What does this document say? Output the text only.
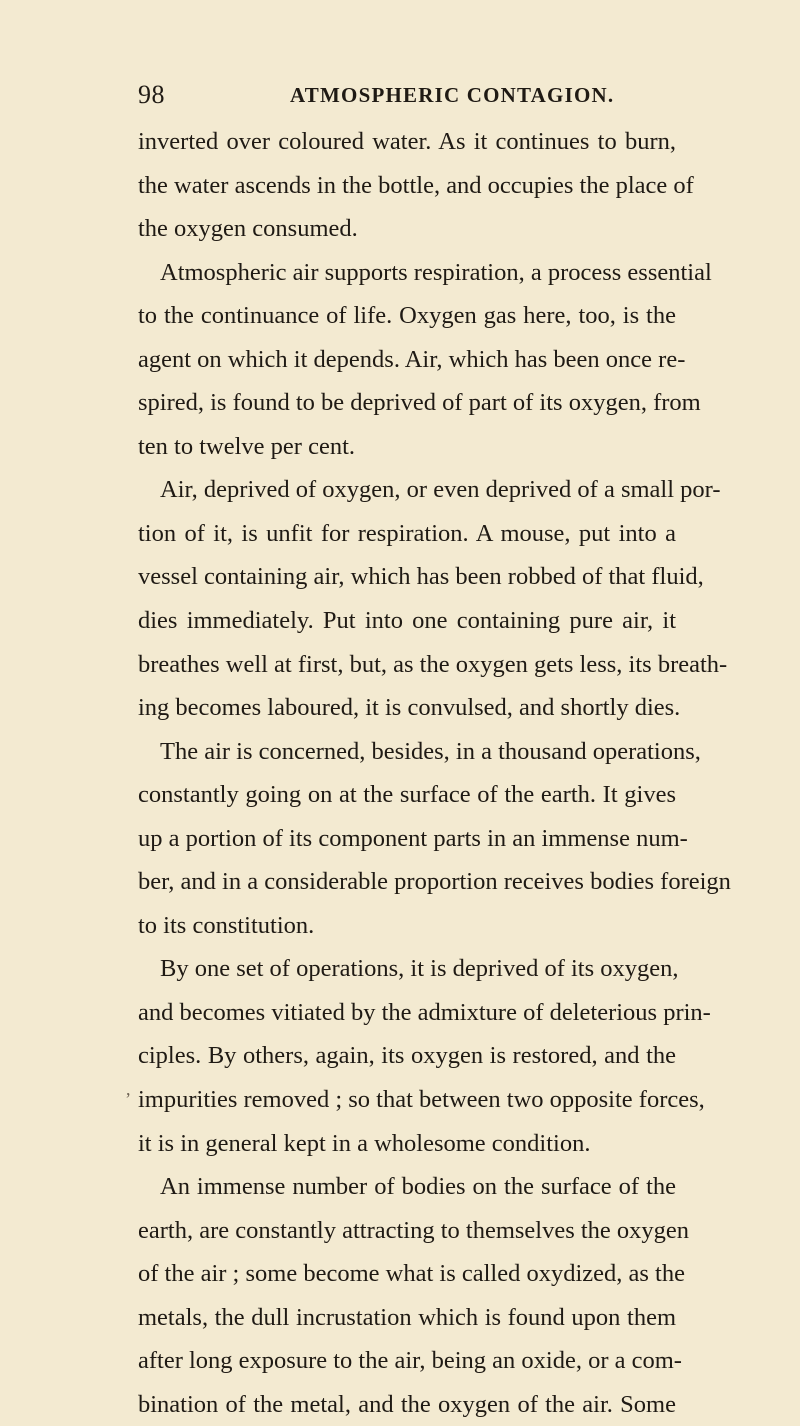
98	ATMOSPHERIC CONTAGION.
inverted over coloured water. As it continues to burn,
the water ascends in the bottle, and occupies the place of
the oxygen consumed.
Atmospheric air supports respiration, a process essential
to the continuance of life. Oxygen gas here, too, is the
agent on which it depends. Air, which has been once re-
spired, is found to be deprived of part of its oxygen, from
ten to twelve per cent.
Air, deprived of oxygen, or even deprived of a small por-
tion of it, is unfit for respiration. A mouse, put into a
vessel containing air, which has been robbed of that fluid,
dies immediately. Put into one containing pure air, it
breathes well at first, but, as the oxygen gets less, its breath-
ing becomes laboured, it is convulsed, and shortly dies.
The air is concerned, besides, in a thousand operations,
constantly going on at the surface of the earth. It gives
up a portion of its component parts in an immense num-
ber, and in a considerable proportion receives bodies foreign
to its constitution.
By one set of operations, it is deprived of its oxygen,
and becomes vitiated by the admixture of deleterious prin-
ciples. By others, again, its oxygen is restored, and the
impurities removed ; so that between two opposite forces,
it is in general kept in a wholesome condition.
An immense number of bodies on the surface of the
earth, are constantly attracting to themselves the oxygen
of the air ; some become what is called oxydized, as the
metals, the dull incrustation which is found upon them
after long exposure to the air, being an oxide, or a com-
bination of the metal, and the oxygen of the air. Some
,
